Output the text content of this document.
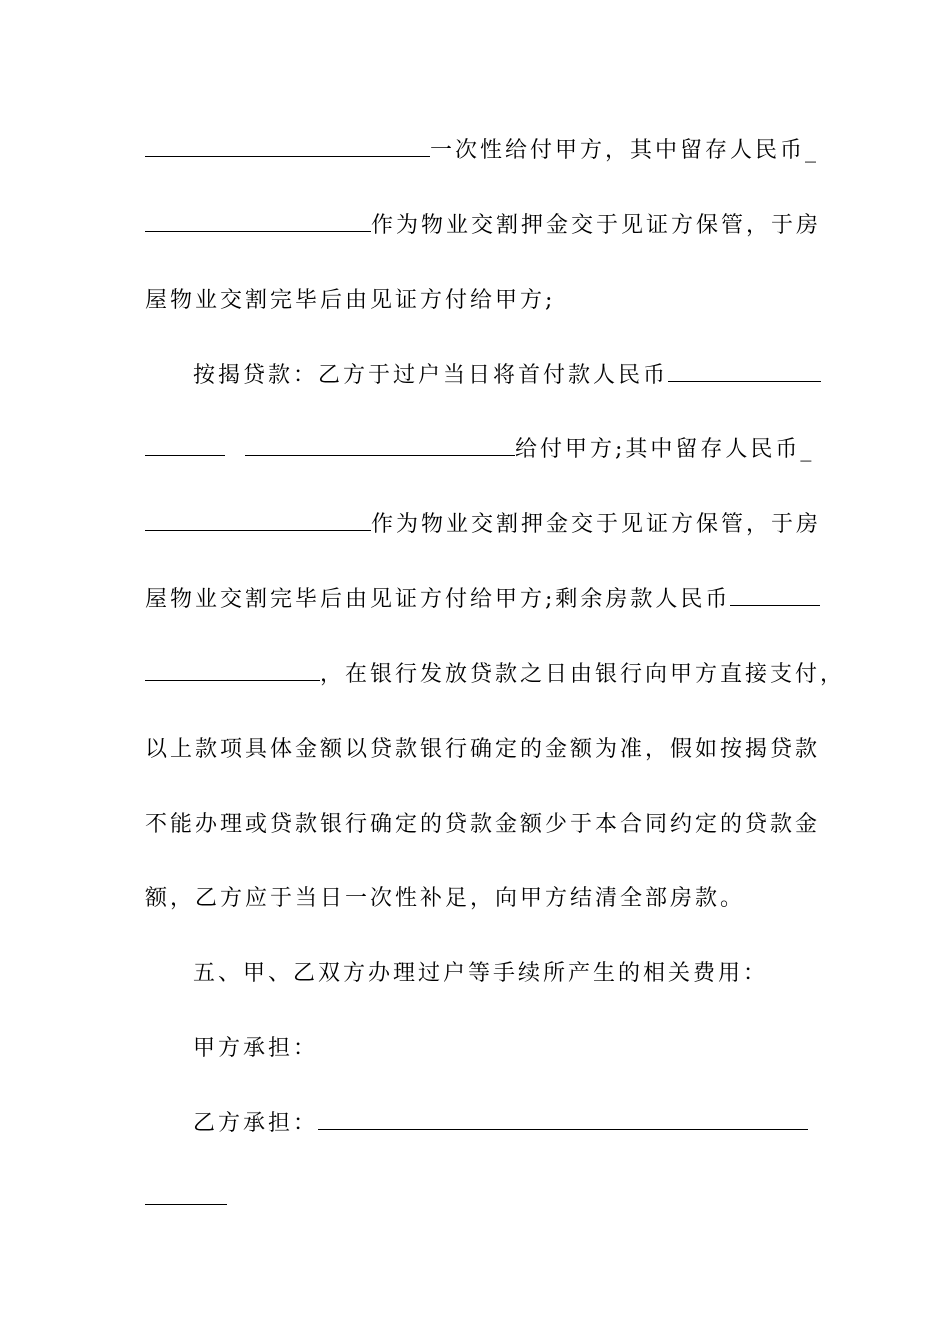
一次性给付甲方，其中留存人民币_
作为物业交割押金交于见证方保管，于房
屋物业交割完毕后由见证方付给甲方;
按揭贷款：乙方于过户当日将首付款人民币
给付甲方;其中留存人民币_
作为物业交割押金交于见证方保管，于房
屋物业交割完毕后由见证方付给甲方;剩余房款人民币
，在银行发放贷款之日由银行向甲方直接支付，
以上款项具体金额以贷款银行确定的金额为准，假如按揭贷款
不能办理或贷款银行确定的贷款金额少于本合同约定的贷款金
额，乙方应于当日一次性补足，向甲方结清全部房款。
五、甲、乙双方办理过户等手续所产生的相关费用：
甲方承担：
乙方承担：
